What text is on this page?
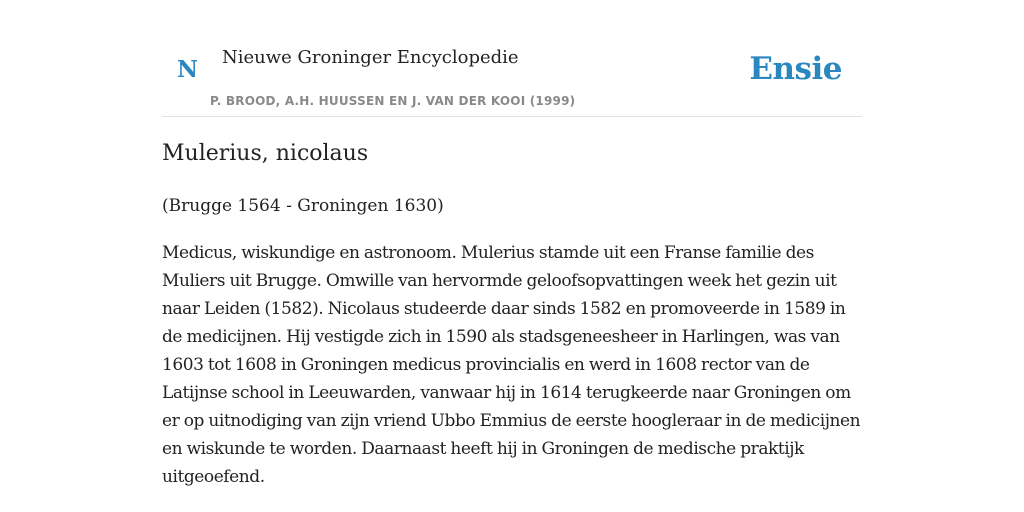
N Nieuwe Groninger Encyclopedie
P. BROOD, A.H. HUUSSEN EN J. VAN DER KOOI (1999)
Ensie
Mulerius, nicolaus

(Brugge 1564 - Groningen 1630)

Medicus, wiskundige en astronoom. Mulerius stamde uit een Franse familie des Muliers uit Brugge. Omwille van hervormde geloofsopvattingen week het gezin uit naar Leiden (1582). Nicolaus studeerde daar sinds 1582 en promoveerde in 1589 in de medicijnen. Hij vestigde zich in 1590 als stadsgeneesheer in Harlingen, was van 1603 tot 1608 in Groningen medicus provincialis en werd in 1608 rector van de Latijnse school in Leeuwarden, vanwaar hij in 1614 terugkeerde naar Groningen om er op uitnodiging van zijn vriend Ubbo Emmius de eerste hoogleraar in de medicijnen en wiskunde te worden. Daarnaast heeft hij in Groningen de medische praktijk uitgeoefend.
